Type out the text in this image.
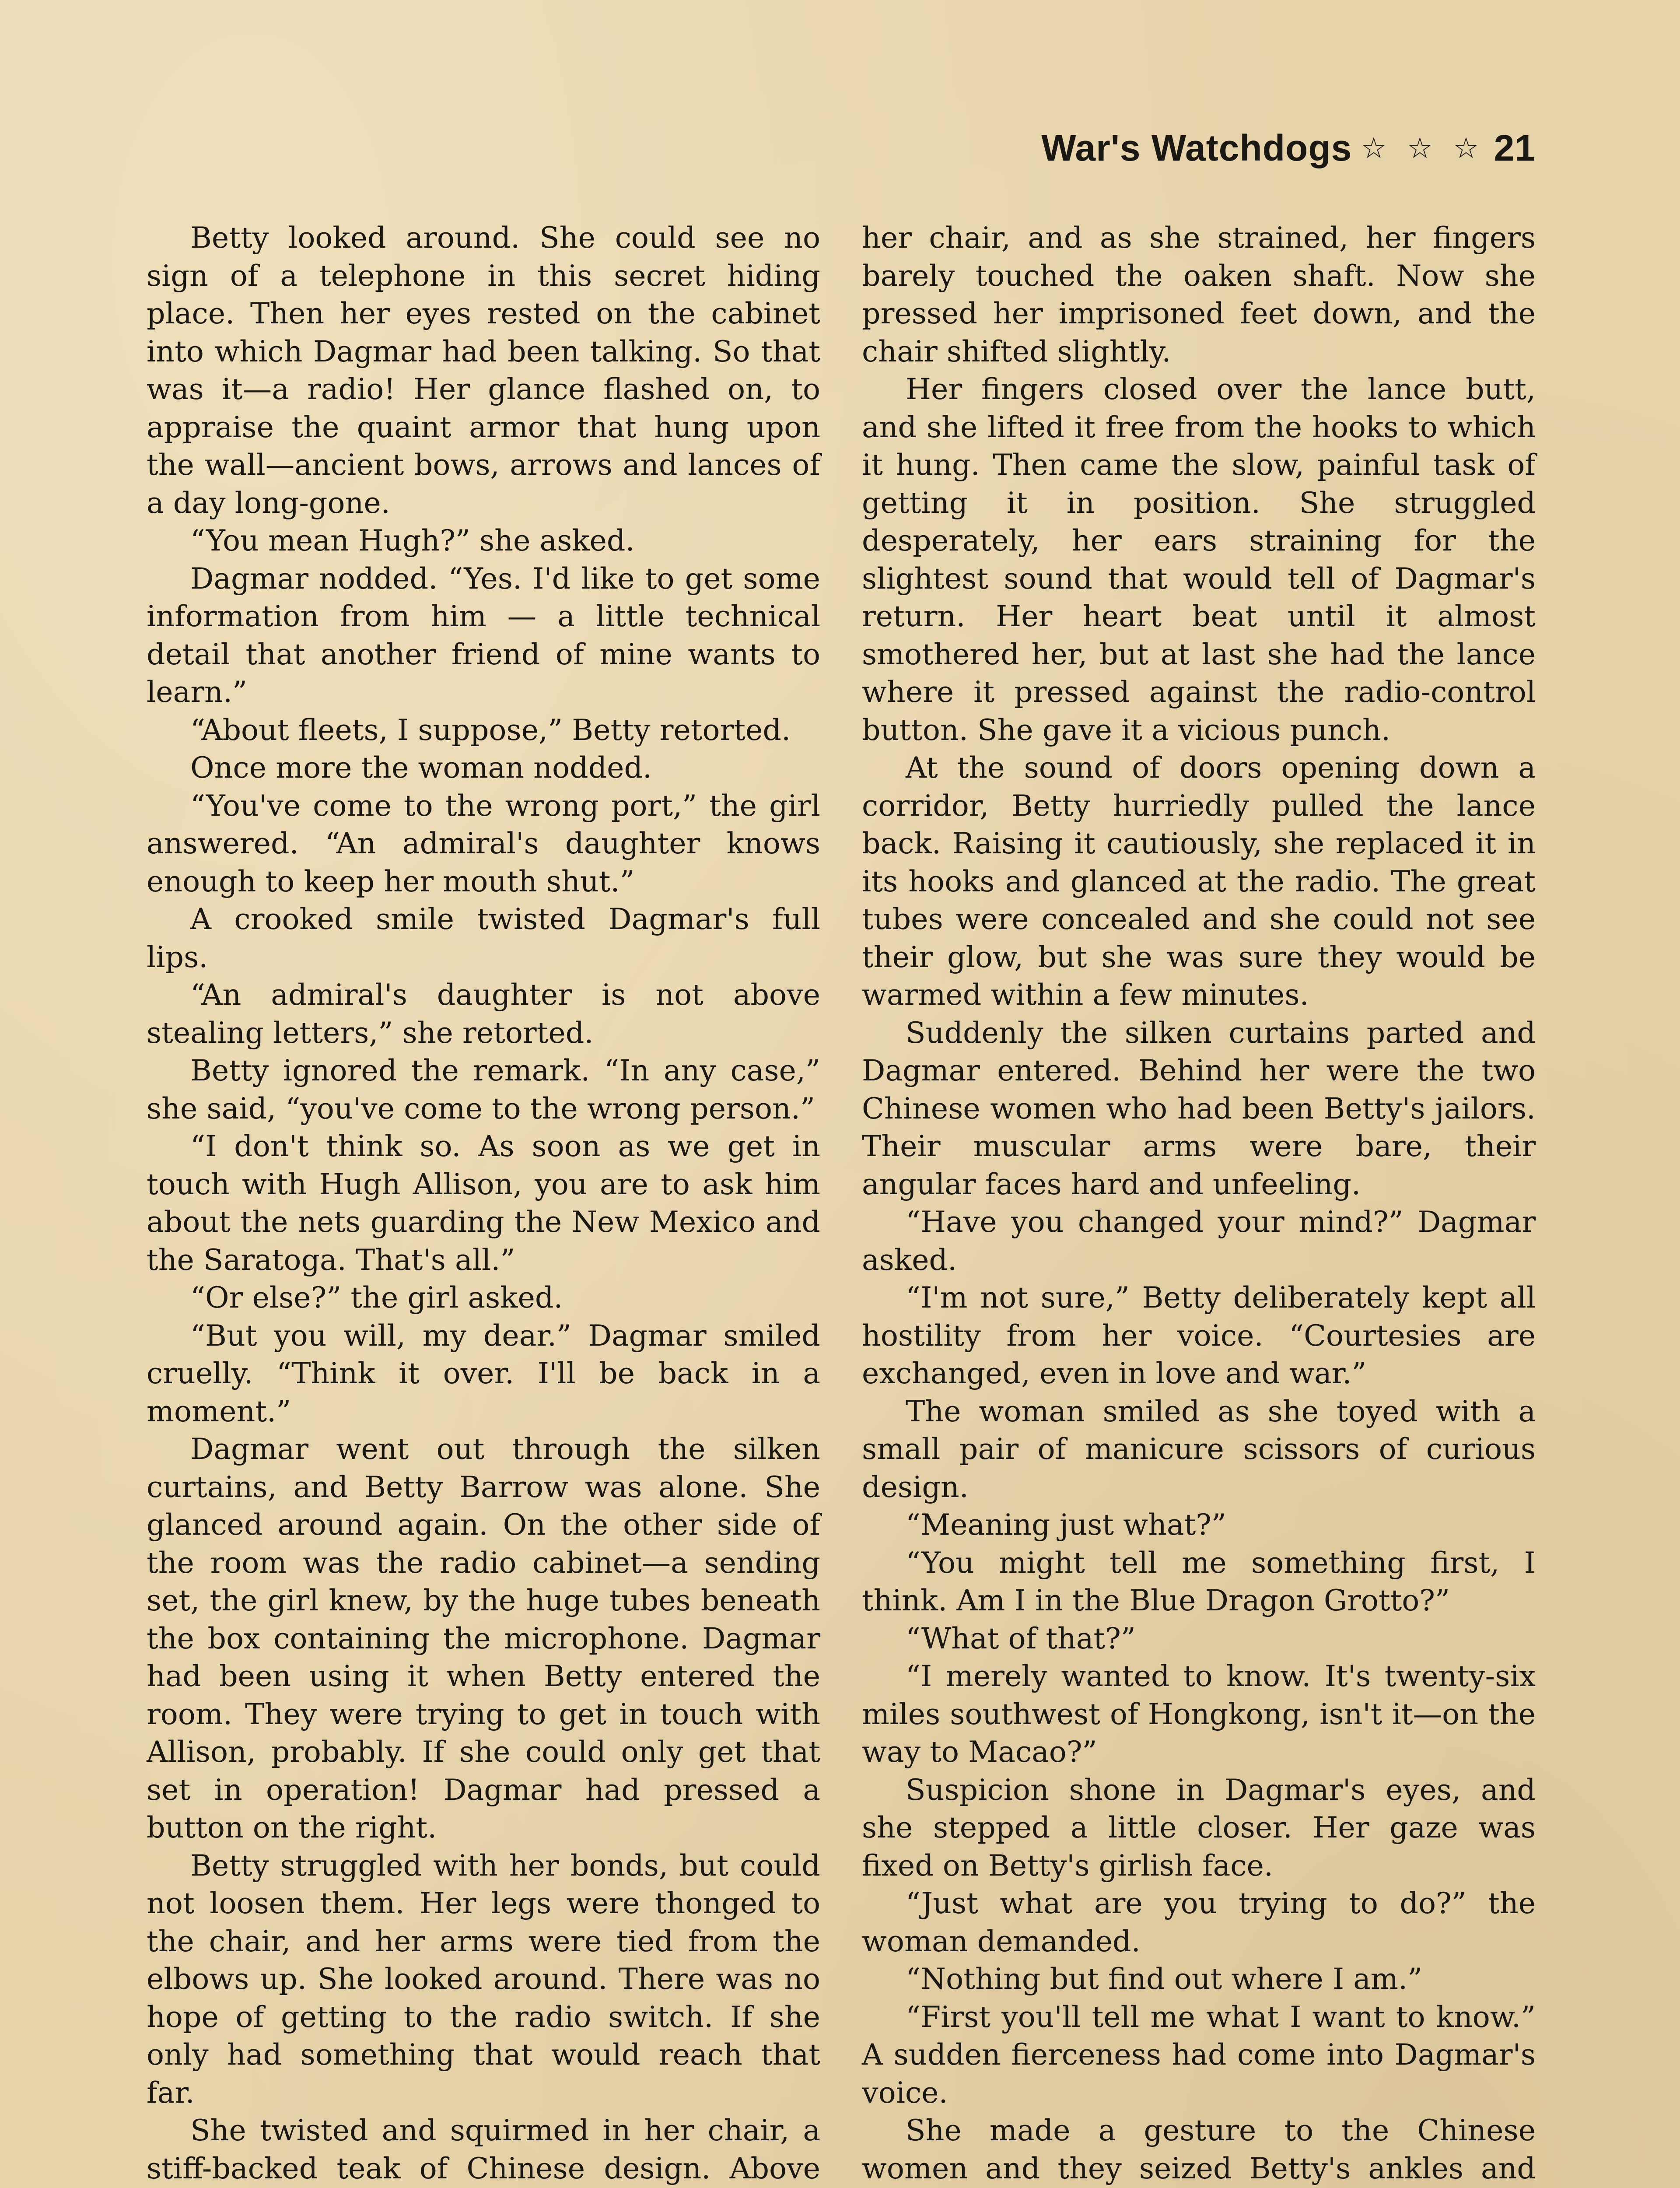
War's Watchdogs ☆ ☆ ☆ 21

Betty looked around. She could see no sign of a telephone in this secret hiding place. Then her eyes rested on the cabinet into which Dagmar had been talking. So that was it—a radio! Her glance flashed on, to appraise the quaint armor that hung upon the wall—ancient bows, arrows and lances of a day long-gone.

“You mean Hugh?” she asked.

Dagmar nodded. “Yes. I'd like to get some information from him — a little technical detail that another friend of mine wants to learn.”

“About fleets, I suppose,” Betty retorted.

Once more the woman nodded.

“You've come to the wrong port,” the girl answered. “An admiral's daughter knows enough to keep her mouth shut.”

A crooked smile twisted Dagmar's full lips.

“An admiral's daughter is not above stealing letters,” she retorted.

Betty ignored the remark. “In any case,” she said, “you've come to the wrong person.”

“I don't think so. As soon as we get in touch with Hugh Allison, you are to ask him about the nets guarding the New Mexico and the Saratoga. That's all.”

“Or else?” the girl asked.

“But you will, my dear.” Dagmar smiled cruelly. “Think it over. I'll be back in a moment.”

Dagmar went out through the silken curtains, and Betty Barrow was alone. She glanced around again. On the other side of the room was the radio cabinet—a sending set, the girl knew, by the huge tubes beneath the box containing the microphone. Dagmar had been using it when Betty entered the room. They were trying to get in touch with Allison, probably. If she could only get that set in operation! Dagmar had pressed a button on the right.

Betty struggled with her bonds, but could not loosen them. Her legs were thonged to the chair, and her arms were tied from the elbows up. She looked around. There was no hope of getting to the radio switch. If she only had something that would reach that far.

She twisted and squirmed in her chair, a stiff-backed teak of Chinese design. Above

her chair, and as she strained, her fingers barely touched the oaken shaft. Now she pressed her imprisoned feet down, and the chair shifted slightly.

Her fingers closed over the lance butt, and she lifted it free from the hooks to which it hung. Then came the slow, painful task of getting it in position. She struggled desperately, her ears straining for the slightest sound that would tell of Dagmar's return. Her heart beat until it almost smothered her, but at last she had the lance where it pressed against the radio-control button. She gave it a vicious punch.

At the sound of doors opening down a corridor, Betty hurriedly pulled the lance back. Raising it cautiously, she replaced it in its hooks and glanced at the radio. The great tubes were concealed and she could not see their glow, but she was sure they would be warmed within a few minutes.

Suddenly the silken curtains parted and Dagmar entered. Behind her were the two Chinese women who had been Betty's jailors. Their muscular arms were bare, their angular faces hard and unfeeling.

“Have you changed your mind?” Dagmar asked.

“I'm not sure,” Betty deliberately kept all hostility from her voice. “Courtesies are exchanged, even in love and war.”

The woman smiled as she toyed with a small pair of manicure scissors of curious design.

“Meaning just what?”

“You might tell me something first, I think. Am I in the Blue Dragon Grotto?”

“What of that?”

“I merely wanted to know. It's twenty-six miles southwest of Hongkong, isn't it—on the way to Macao?”

Suspicion shone in Dagmar's eyes, and she stepped a little closer. Her gaze was fixed on Betty's girlish face.

“Just what are you trying to do?” the woman demanded.

“Nothing but find out where I am.”

“First you'll tell me what I want to know.” A sudden fierceness had come into Dagmar's voice.

She made a gesture to the Chinese women and they seized Betty's ankles and
